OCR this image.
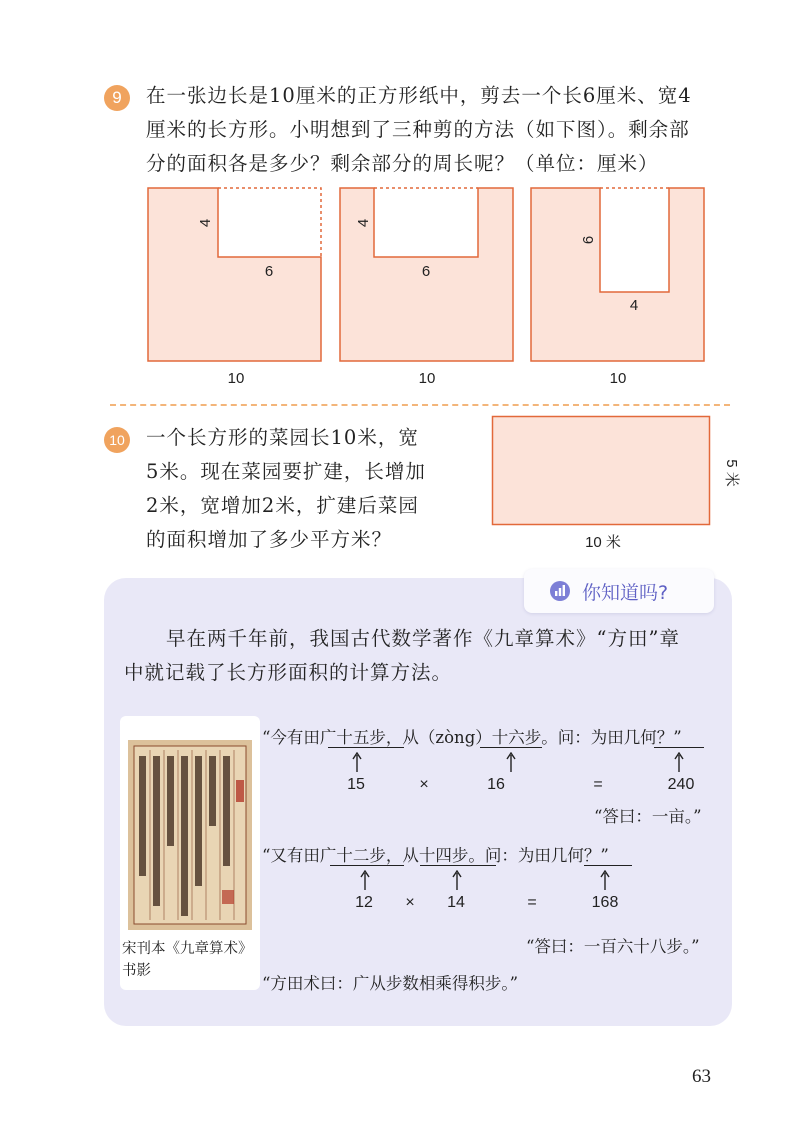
9	在一张边长是10厘米的正方形纸中，剪去一个长6厘米、宽4
厘米的长方形。小明想到了三种剪的方法（如下图）。剩余部
分的面积各是多少？剩余部分的周长呢？（单位：厘米）
4
6
10
4
6
10
6
4
10
10 一个长方形的菜园长10米，宽
5米。现在菜园要扩建，长增加
2米，宽增加2米，扩建后菜园
的面积增加了多少平方米？
5 米
10 米
你知道吗?
早在两千年前，我国古代数学著作《九章算术》“方田”章
中就记载了长方形面积的计算方法。
宋刊本《九章算术》
书影
“今有田广十五步，从（zòng）十六步。问：为田几何？”
15	×	16	=	240
“答曰：一亩。”
“又有田广十二步，从十四步。问：为田几何？”
12	×	14	=	168
“答曰：一百六十八步。”
“方田术曰：广从步数相乘得积步。”
63
